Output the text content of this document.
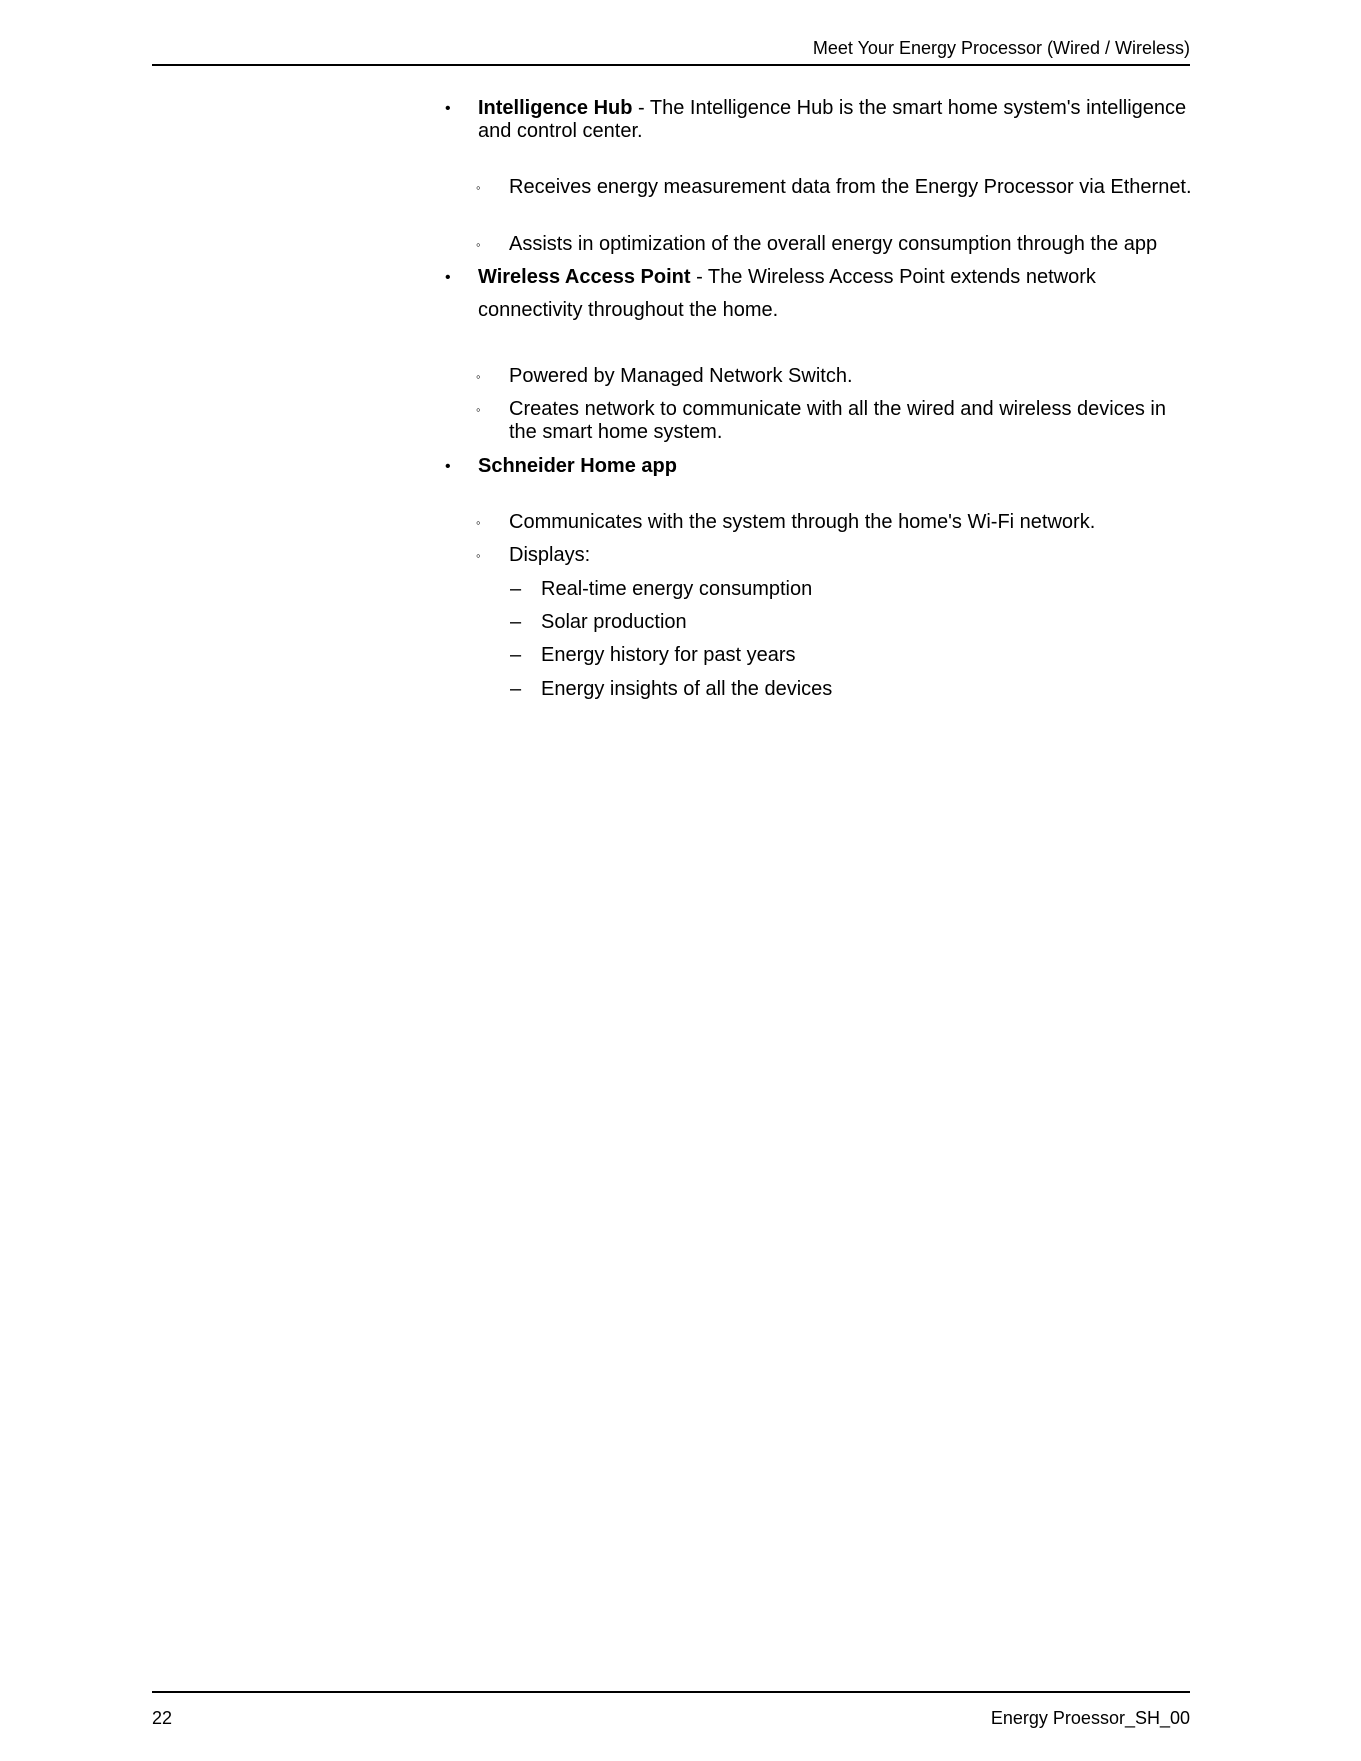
Meet Your Energy Processor (Wired / Wireless)
•	Intelligence Hub - The Intelligence Hub is the smart home system's intelligence and control center.
◦	Receives energy measurement data from the Energy Processor via Ethernet.
◦	Assists in optimization of the overall energy consumption through the app
•	Wireless Access Point - The Wireless Access Point extends network
connectivity throughout the home.
◦	Powered by Managed Network Switch.
◦	Creates network to communicate with all the wired and wireless devices in the smart home system.
•	Schneider Home app
◦	Communicates with the system through the home's Wi-Fi network.
◦	Displays:
– Real-time energy consumption
– Solar production
– Energy history for past years
– Energy insights of all the devices
22	Energy Proessor_SH_00
